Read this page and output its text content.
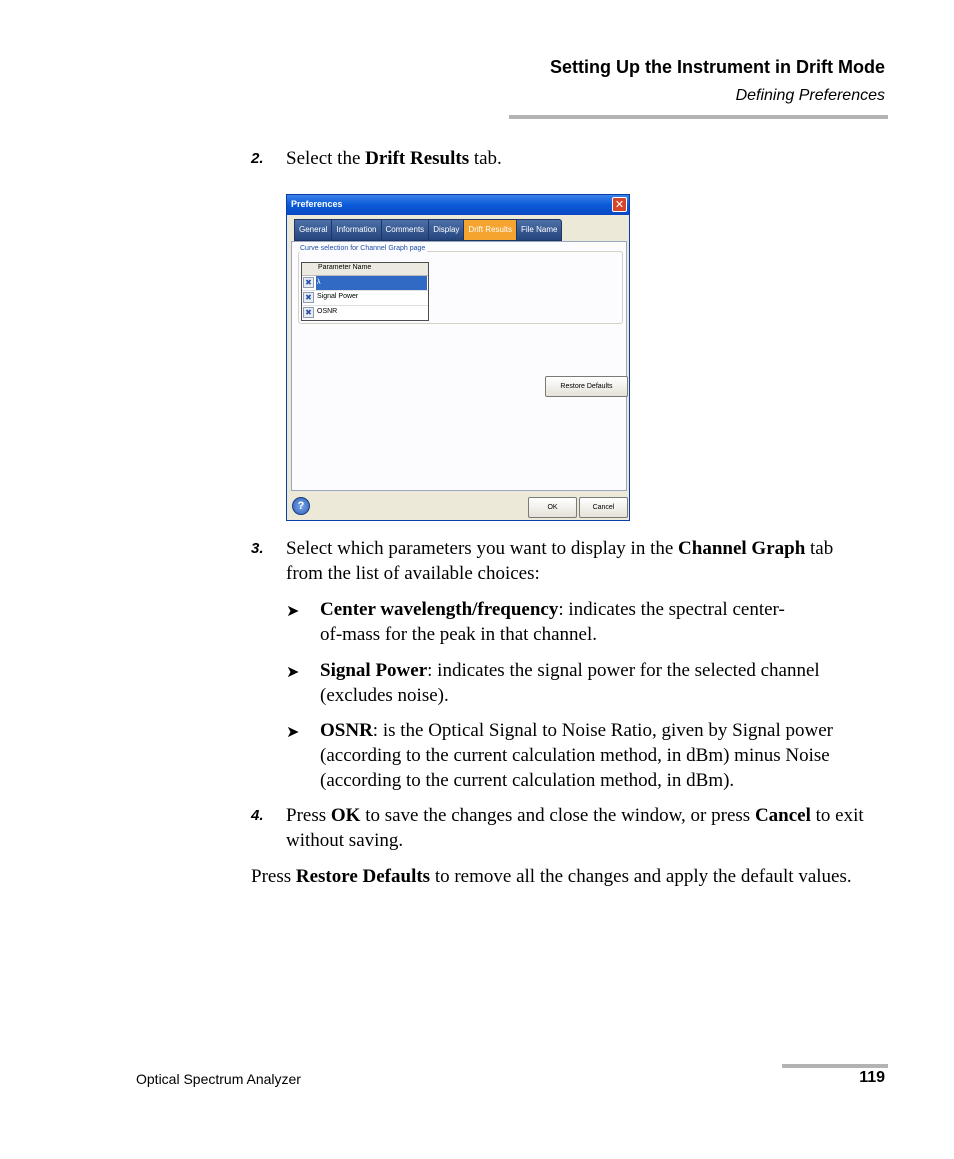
Setting Up the Instrument in Drift Mode
Defining Preferences
2. Select the Drift Results tab.
Preferences	✕
General	Information	Comments	Display	Drift Results	File Name
Curve selection for Channel Graph page
Parameter Name
✖ λ
✖ Signal Power
✖ OSNR
Restore Defaults
?	OK	Cancel
3. Select which parameters you want to display in the Channel Graph tab from the list of available choices:
➤ Center wavelength/frequency: indicates the spectral center-of-mass for the peak in that channel.
➤ Signal Power: indicates the signal power for the selected channel (excludes noise).
➤ OSNR: is the Optical Signal to Noise Ratio, given by Signal power (according to the current calculation method, in dBm) minus Noise (according to the current calculation method, in dBm).
4. Press OK to save the changes and close the window, or press Cancel to exit without saving.
Press Restore Defaults to remove all the changes and apply the default values.
Optical Spectrum Analyzer	119
